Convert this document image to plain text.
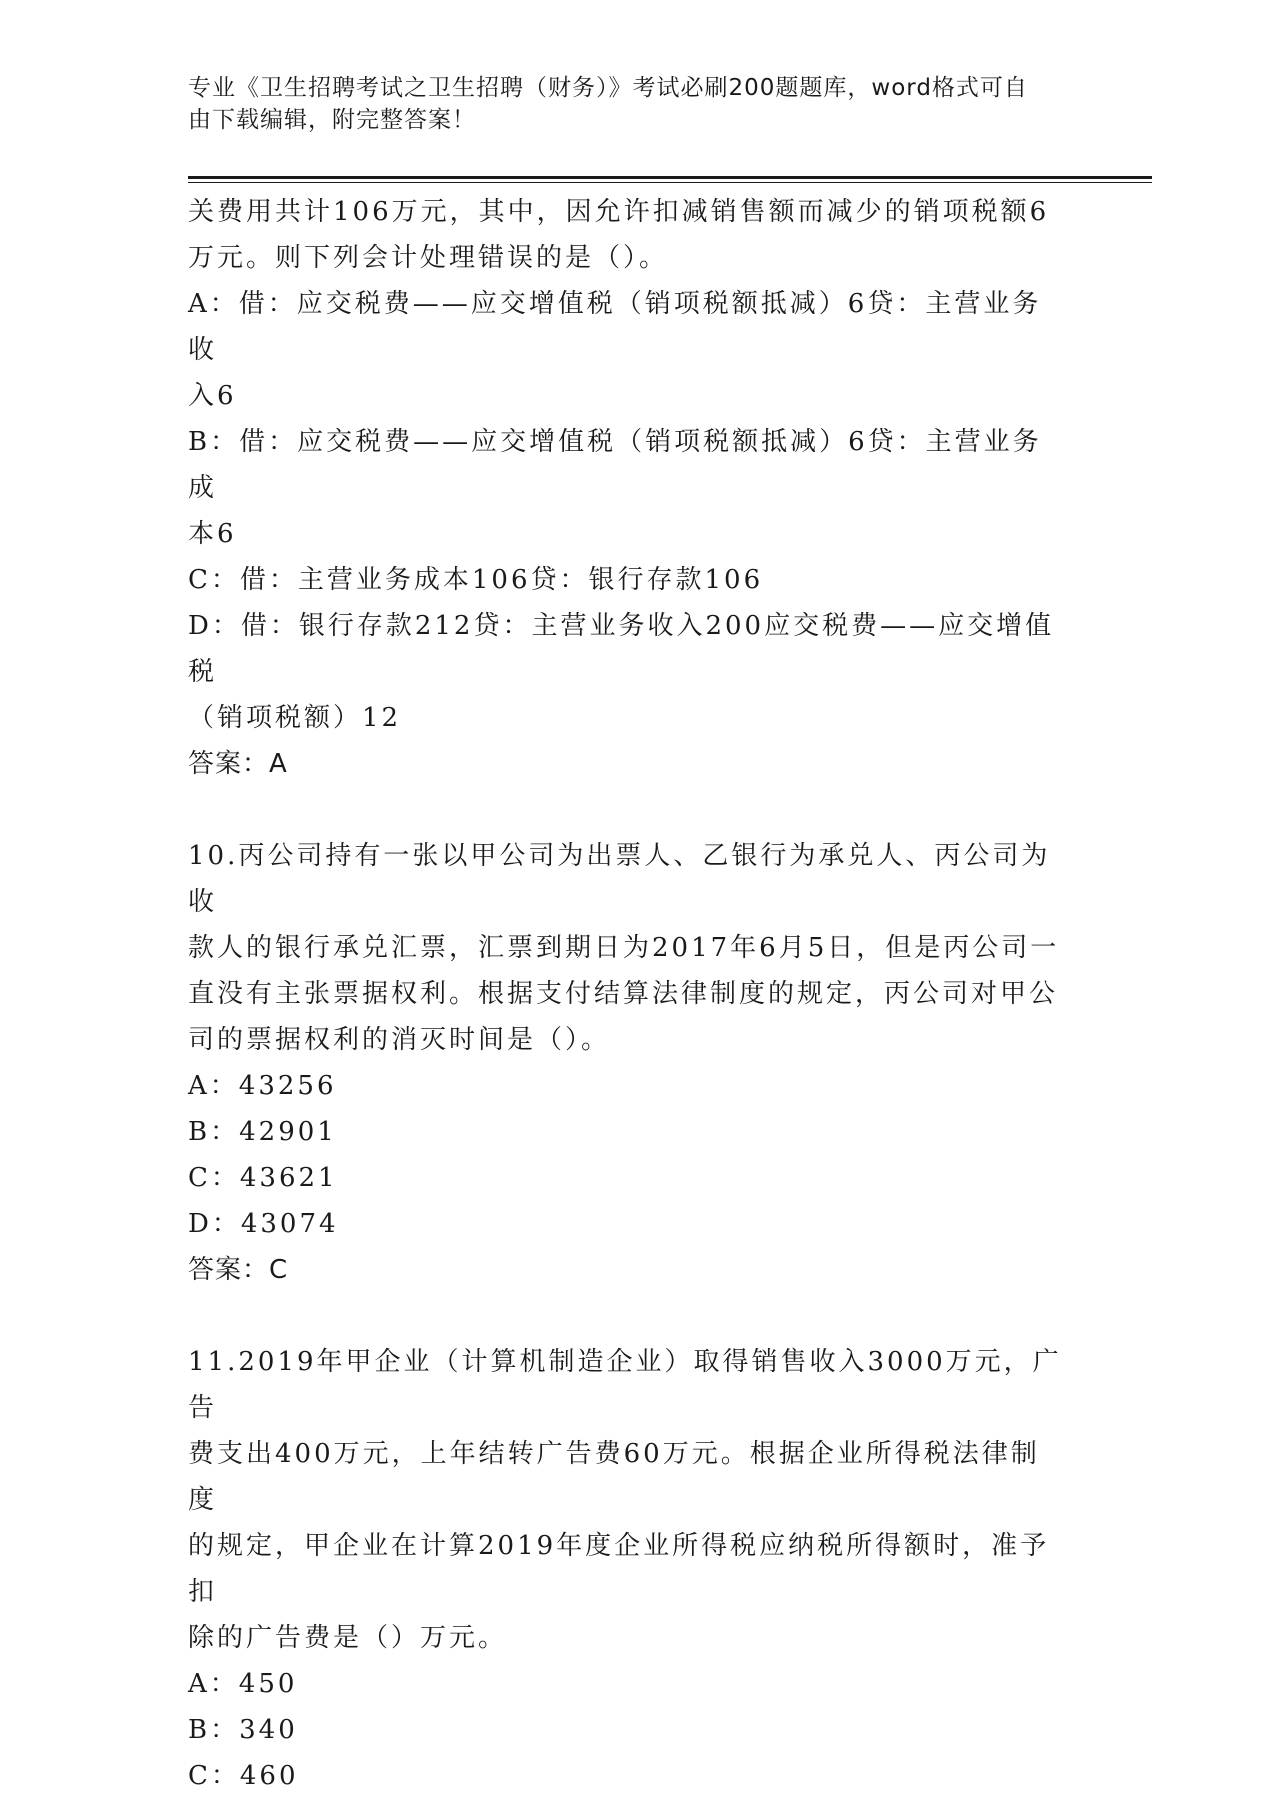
专业《卫生招聘考试之卫生招聘（财务）》考试必刷200题题库，word格式可自
由下载编辑，附完整答案！

关费用共计106万元，其中，因允许扣减销售额而减少的销项税额6

万元。则下列会计处理错误的是（）。

A：借：应交税费——应交增值税（销项税额抵减）6贷：主营业务收

入6

B：借：应交税费——应交增值税（销项税额抵减）6贷：主营业务成

本6

C：借：主营业务成本106贷：银行存款106

D：借：银行存款212贷：主营业务收入200应交税费——应交增值税

（销项税额）12

答案：A

10.丙公司持有一张以甲公司为出票人、乙银行为承兑人、丙公司为收

款人的银行承兑汇票，汇票到期日为2017年6月5日，但是丙公司一

直没有主张票据权利。根据支付结算法律制度的规定，丙公司对甲公

司的票据权利的消灭时间是（）。

A：43256

B：42901

C：43621

D：43074

答案：C

11.2019年甲企业（计算机制造企业）取得销售收入3000万元，广告

费支出400万元，上年结转广告费60万元。根据企业所得税法律制度

的规定，甲企业在计算2019年度企业所得税应纳税所得额时，准予扣

除的广告费是（）万元。

A：450

B：340

C：460
